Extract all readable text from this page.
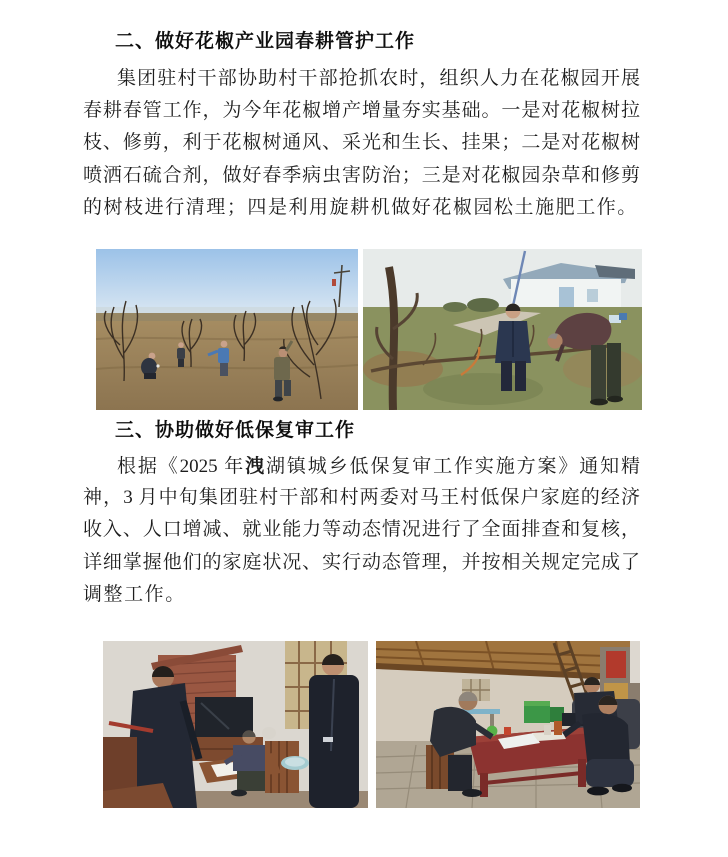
二、做好花椒产业园春耕管护工作
集团驻村干部协助村干部抢抓农时，组织人力在花椒园开展
春耕春管工作，为今年花椒增产增量夯实基础。一是对花椒树拉
枝、修剪，利于花椒树通风、采光和生长、挂果；二是对花椒树
喷洒石硫合剂，做好春季病虫害防治；三是对花椒园杂草和修剪
的树枝进行清理；四是利用旋耕机做好花椒园松土施肥工作。
三、协助做好低保复审工作
根据《2025 年洩湖镇城乡低保复审工作实施方案》通知精
神，3 月中旬集团驻村干部和村两委对马王村低保户家庭的经济
收入、人口增减、就业能力等动态情况进行了全面排查和复核，
详细掌握他们的家庭状况、实行动态管理，并按相关规定完成了
调整工作。
